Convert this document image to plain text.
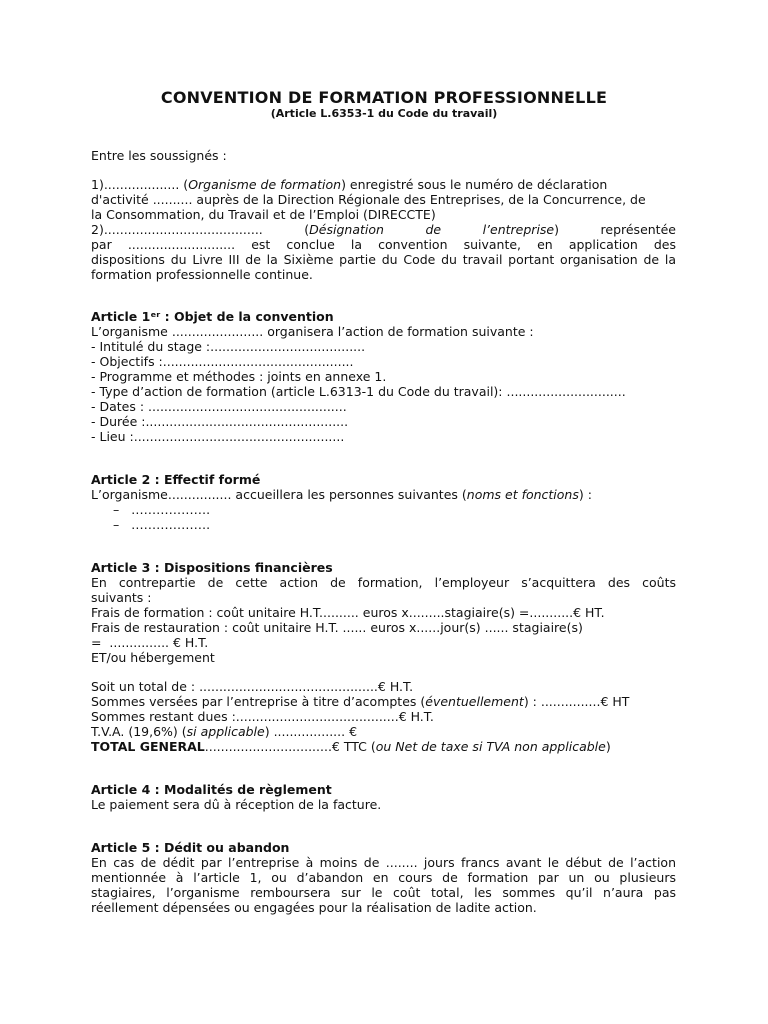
CONVENTION DE FORMATION PROFESSIONNELLE
(Article L.6353-1 du Code du travail)
Entre les soussignés :
1)................... (Organisme de formation) enregistré sous le numéro de déclaration
d'activité .......... auprès de la Direction Régionale des Entreprises, de la Concurrence, de
la Consommation, du Travail et de l’Emploi (DIRECCTE)
2)........................................ (Désignation	de	l’entreprise) représentée
par ........................... est conclue la convention suivante, en application des
dispositions du Livre III de la Sixième partie du Code du travail portant organisation de la
formation professionnelle continue.
Article 1ᵉʳ : Objet de la convention
L’organisme ....................... organisera l’action de formation suivante :
- Intitulé du stage :.......................................
- Objectifs :................................................
- Programme et méthodes : joints en annexe 1.
- Type d’action de formation (article L.6313-1 du Code du travail): ..............................
- Dates : ..................................................
- Durée :...................................................
- Lieu :.....................................................
Article 2 : Effectif formé
L’organisme................ accueillera les personnes suivantes (noms et fonctions) :
–   ……………….
–   ……………….
Article 3 : Dispositions financières
En contrepartie de cette action de formation, l’employeur s’acquittera des coûts
suivants :
Frais de formation : coût unitaire H.T.......... euros x.........stagiaire(s) =...........€ HT.
Frais de restauration : coût unitaire H.T. ...... euros x......jour(s) ...... stagiaire(s)
=  ............... € H.T.
ET/ou hébergement
Soit un total de : .............................................€ H.T.
Sommes versées par l’entreprise à titre d’acomptes (éventuellement) : ...............€ HT
Sommes restant dues :.........................................€ H.T.
T.V.A. (19,6%) (si applicable) .................. €
TOTAL GENERAL................................€ TTC (ou Net de taxe si TVA non applicable)
Article 4 : Modalités de règlement
Le paiement sera dû à réception de la facture.
Article 5 : Dédit ou abandon
En cas de dédit par l’entreprise à moins de ........ jours francs avant le début de l’action
mentionnée à l’article 1, ou d’abandon en cours de formation par un ou plusieurs
stagiaires, l’organisme remboursera sur le coût total, les sommes qu’il n’aura pas
réellement dépensées ou engagées pour la réalisation de ladite action.
